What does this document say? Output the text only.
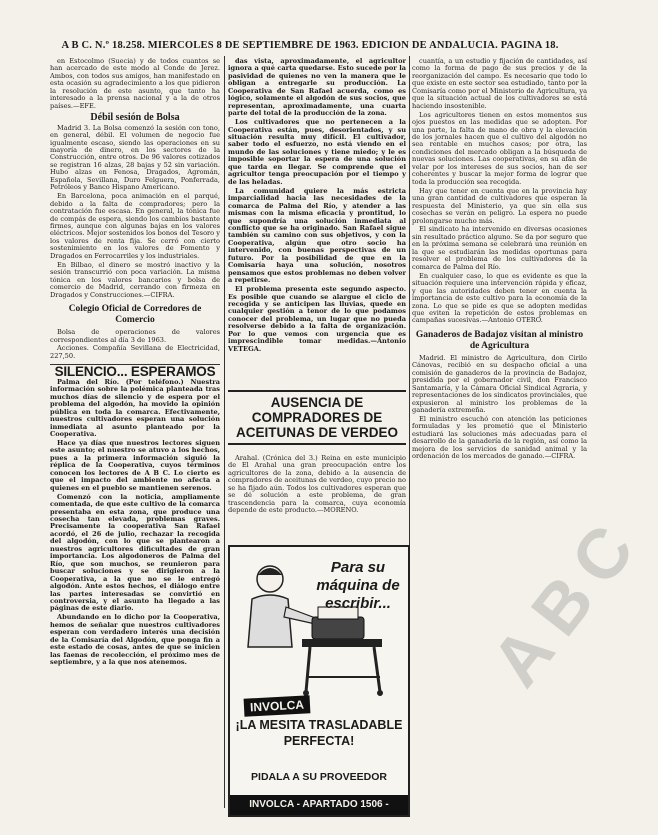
A B C. N.º 18.258. MIERCOLES 8 DE SEPTIEMBRE DE 1963. EDICION DE ANDALUCIA. PAGINA 18.

en Estocolmo (Suecia) y de todos cuantos se han acercado de este modo al Conde de Jerez. Ambos, con todos sus amigos, han manifestado en esta ocasión su agradecimiento a los que pidieron la resolución de este asunto, que tanto ha interesado a la prensa nacional y a la de otros países.—EFE.

Débil sesión de Bolsa

Madrid 3. La Bolsa comenzó la sesión con tono, en general, débil. El volumen de negocio fue igualmente escaso, siendo las operaciones en su mayoría de dinero, en los sectores de la Construcción, entre otros. De 96 valores cotizados se registran 16 alzas, 28 bajas y 52 sin variación. Hubo alzas en Fenosa, Dragados, Agromán, Española, Sevillana, Duro Felguera, Ponferrada, Petróleos y Banco Hispano Americano.

En Barcelona, poca animación en el parqué, debido a la falta de compradores; pero la contratación fue escasa. En general, la tónica fue de compás de espera, siendo los cambios bastante firmes, aunque con algunas bajas en los valores eléctricos. Mejor sostenidos los bonos del Tesoro y los valores de renta fija. Se cerró con cierto sostenimiento en los valores de Fomento y Dragados en Ferrocarriles y los industriales.

En Bilbao, el dinero se mostró inactivo y la sesión transcurrió con poca variación. La misma tónica en los valores bancarios y bolsa de comercio de Madrid, cerrando con firmeza en Dragados y Construcciones.—CIFRA.

Colegio Oficial de Corredores de Comercio

Bolsa de operaciones de valores correspondientes al día 3 de 1963.

Acciones. Compañía Sevillana de Electricidad, 227,50.

SILENCIO... ESPERAMOS

Palma del Río. (Por teléfono.) Nuestra información sobre la polémica planteada tras muchos días de silencio y de espera por el problema del algodón, ha movido la opinión pública en toda la comarca. Efectivamente, nuestros cultivadores esperan una solución inmediata al asunto planteado por la Cooperativa.

Hace ya días que nuestros lectores siguen este asunto; el nuestro se atuvo a los hechos, pues a la primera información siguió la réplica de la Cooperativa, cuyos términos conocen los lectores de A B C. Lo cierto es que el impacto del ambiente no afecta a quienes en el pueblo se mantienen serenos.

Comenzó con la noticia, ampliamente comentada, de que este cultivo de la comarca presentaba en esta zona, que produce una cosecha tan elevada, problemas graves. Precisamente la cooperativa San Rafael acordó, el 26 de julio, rechazar la recogida del algodón, con lo que se plantearon a nuestros agricultores dificultades de gran importancia. Los algodoneros de Palma del Río, que son muchos, se reunieron para buscar soluciones y se dirigieron a la Cooperativa, a la que no se le entregó algodón. Ante estos hechos, el diálogo entre las partes interesadas se convirtió en controversia, y el asunto ha llegado a las páginas de este diario.

Abundando en lo dicho por la Cooperativa, hemos de señalar que nuestros cultivadores esperan con verdadero interés una decisión de la Comisaría del Algodón, que ponga fin a este estado de cosas, antes de que se inicien las faenas de recolección, el próximo mes de septiembre, y a la que nos atenemos.

das vista, aproximadamente, el agricultor ignora a qué carta quedarse. Esto sucede por la pasividad de quienes no ven la manera que le obligan a entregarle su producción. La Cooperativa de San Rafael acuerda, como es lógico, solamente el algodón de sus socios, que representan, aproximadamente, una cuarta parte del total de la producción de la zona.

Los cultivadores que no pertenecen a la Cooperativa están, pues, desorientados, y su situación resulta muy difícil. El cultivador, saber todo el esfuerzo, no está viendo en el mundo de las soluciones y tiene miedo; y le es imposible soportar la espera de una solución que tarda en llegar. Se comprende que el agricultor tenga preocupación por el tiempo y de las heladas.

La comunidad quiere la más estricta imparcialidad hacia las necesidades de la comarca de Palma del Río, y atender a las mismas con la misma eficacia y prontitud, lo que supondría una solución inmediata al conflicto que se ha originado. San Rafael sigue también su camino con sus objetivos, y con la Cooperativa, algún que otro socio ha intervenido, con buenas perspectivas de un futuro. Por la posibilidad de que en la Comisaría haya una solución, nosotros pensamos que estos problemas no deben volver a repetirse.

El problema presenta este segundo aspecto. Es posible que cuando se alargue el ciclo de recogida y se anticipen las lluvias, quede en cualquier gestión a tenor de lo que podamos conocer del problema, un lugar que no pueda resolverse debido a la falta de organización. Por lo que vemos con urgencia que es imprescindible tomar medidas.—Antonio VETEGA.

AUSENCIA DE COMPRADORES DE ACEITUNAS DE VERDEO

Arahal. (Crónica del 3.) Reina en este municipio de El Arahal una gran preocupación entre los agricultores de la zona, debido a la ausencia de compradores de aceitunas de verdeo, cuyo precio no se ha fijado aún. Todos los cultivadores esperan que se dé solución a este problema, de gran trascendencia para la comarca, cuya economía depende de este producto.—MORENO.

Para su máquina de escribir...
INVOLCA
¡LA MESITA TRASLADABLE PERFECTA!
PIDALA A SU PROVEEDOR
INVOLCA - APARTADO 1506 - BARCELONA

cuantía, a un estudio y fijación de cantidades, así como la forma de pago de sus precios y de la reorganización del campo. Es necesario que todo lo que existe en este sector sea estudiado, tanto por la Comisaría como por el Ministerio de Agricultura, ya que la situación actual de los cultivadores se está haciendo insostenible.

Los agricultores tienen en estos momentos sus ojos puestos en las medidas que se adopten. Por una parte, la falta de mano de obra y la elevación de los jornales hacen que el cultivo del algodón no sea rentable en muchos casos; por otra, las condiciones del mercado obligan a la búsqueda de nuevas soluciones. Las cooperativas, en su afán de velar por los intereses de sus socios, han de ser coherentes y buscar la mejor forma de lograr que toda la producción sea recogida.

Hay que tener en cuenta que en la provincia hay una gran cantidad de cultivadores que esperan la respuesta del Ministerio, ya que sin ella sus cosechas se verán en peligro. La espera no puede prolongarse mucho más.

El sindicato ha intervenido en diversas ocasiones sin resultado práctico alguno. Se da por seguro que en la próxima semana se celebrará una reunión en la que se estudiarán las medidas oportunas para resolver el problema de los cultivadores de la comarca de Palma del Río.

En cualquier caso, lo que es evidente es que la situación requiere una intervención rápida y eficaz, y que las autoridades deben tener en cuenta la importancia de este cultivo para la economía de la zona. Lo que se pide es que se adopten medidas que eviten la repetición de estos problemas en campañas sucesivas.—Antonio OTERO.

Ganaderos de Badajoz visitan al ministro de Agricultura

Madrid. El ministro de Agricultura, don Cirilo Cánovas, recibió en su despacho oficial a una comisión de ganaderos de la provincia de Badajoz, presidida por el gobernador civil, don Francisco Santamaría, y la Cámara Oficial Sindical Agraria, y representaciones de los sindicatos provinciales, que expusieron al ministro los problemas de la ganadería extremeña.

El ministro escuchó con atención las peticiones formuladas y les prometió que el Ministerio estudiará las soluciones más adecuadas para el desarrollo de la ganadería de la región, así como la mejora de los servicios de sanidad animal y la ordenación de los mercados de ganado.—CIFRA.

ABC
